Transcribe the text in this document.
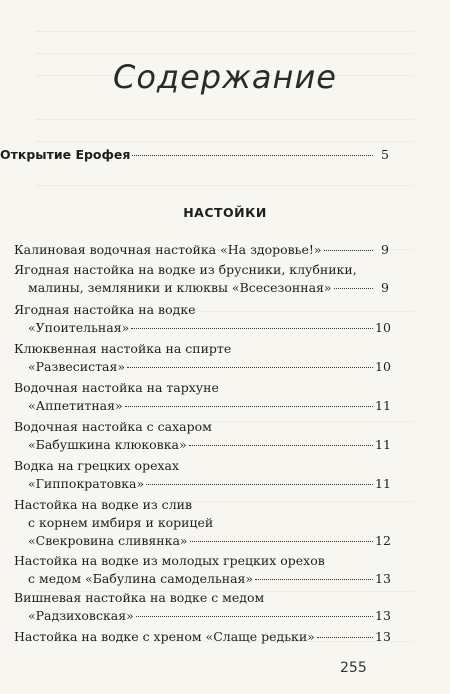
Содержание
Открытие Ерофея	5
НАСТОЙКИ
Калиновая водочная настойка «На здоровье!»	9
Ягодная настойка на водке из брусники, клубники,
малины, земляники и клюквы «Всесезонная»	9
Ягодная настойка на водке
«Упоительная»	10
Клюквенная настойка на спирте
«Развесистая»	10
Водочная настойка на тархуне
«Аппетитная»	11
Водочная настойка с сахаром
«Бабушкина клюковка»	11
Водка на грецких орехах
«Гиппократовка»	11
Настойка на водке из слив
с корнем имбиря и корицей
«Свекровина сливянка»	12
Настойка на водке из молодых грецких орехов
с медом «Бабулина самодельная»	13
Вишневая настойка на водке с медом
«Радзиховская»	13
Настойка на водке с хреном «Слаще редьки»	13
255
